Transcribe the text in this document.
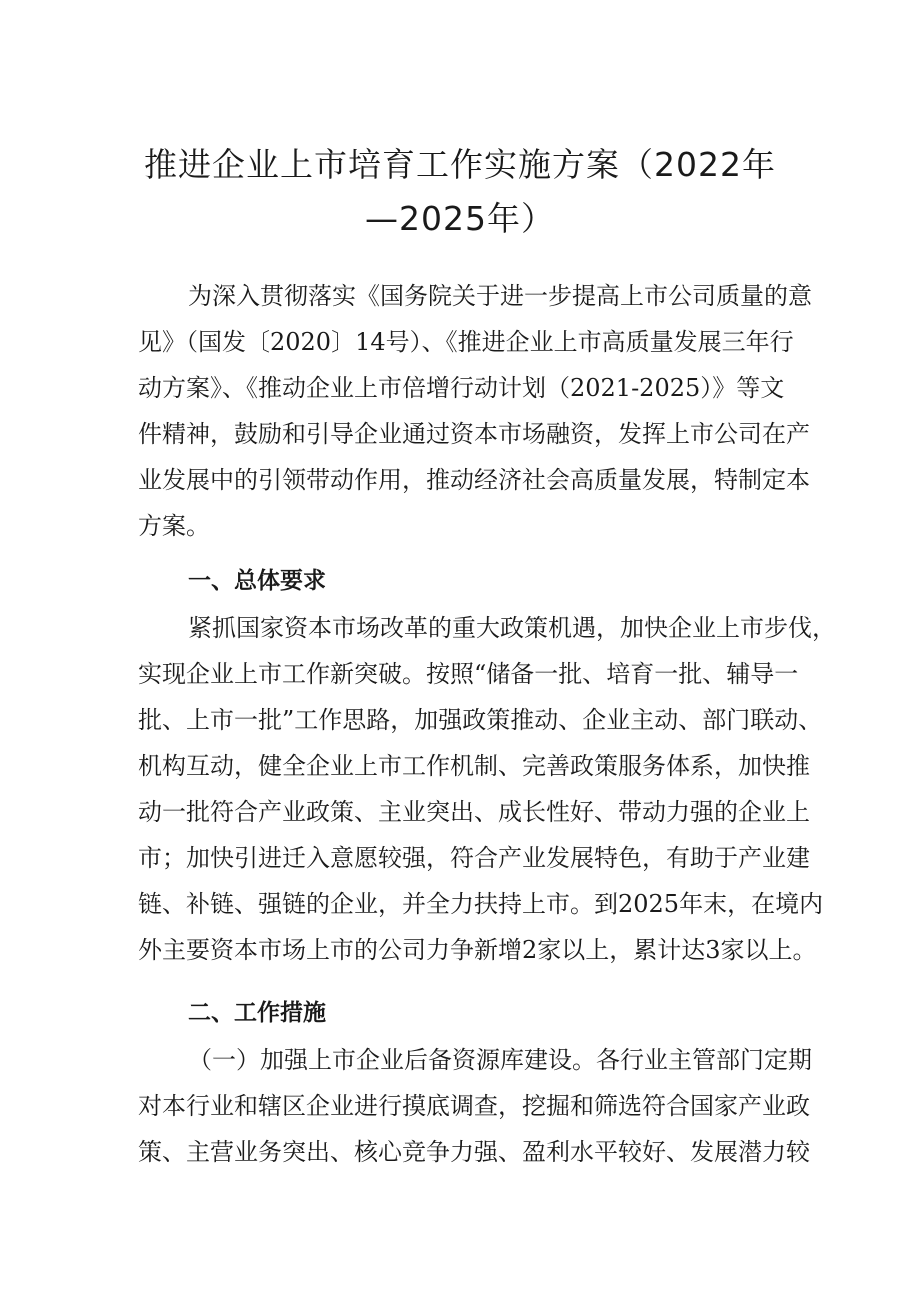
推进企业上市培育工作实施方案（2022年
—2025年）
为深入贯彻落实《国务院关于进一步提高上市公司质量的意
见》（国发〔2020〕14号）、《推进企业上市高质量发展三年行
动方案》、《推动企业上市倍增行动计划（2021-2025）》等文
件精神，鼓励和引导企业通过资本市场融资，发挥上市公司在产
业发展中的引领带动作用，推动经济社会高质量发展，特制定本
方案。
一、总体要求
紧抓国家资本市场改革的重大政策机遇，加快企业上市步伐，
实现企业上市工作新突破。按照“储备一批、培育一批、辅导一
批、上市一批”工作思路，加强政策推动、企业主动、部门联动、
机构互动，健全企业上市工作机制、完善政策服务体系，加快推
动一批符合产业政策、主业突出、成长性好、带动力强的企业上
市；加快引进迁入意愿较强，符合产业发展特色，有助于产业建
链、补链、强链的企业，并全力扶持上市。到2025年末，在境内
外主要资本市场上市的公司力争新增2家以上，累计达3家以上。
二、工作措施
（一）加强上市企业后备资源库建设。各行业主管部门定期
对本行业和辖区企业进行摸底调查，挖掘和筛选符合国家产业政
策、主营业务突出、核心竞争力强、盈利水平较好、发展潜力较
